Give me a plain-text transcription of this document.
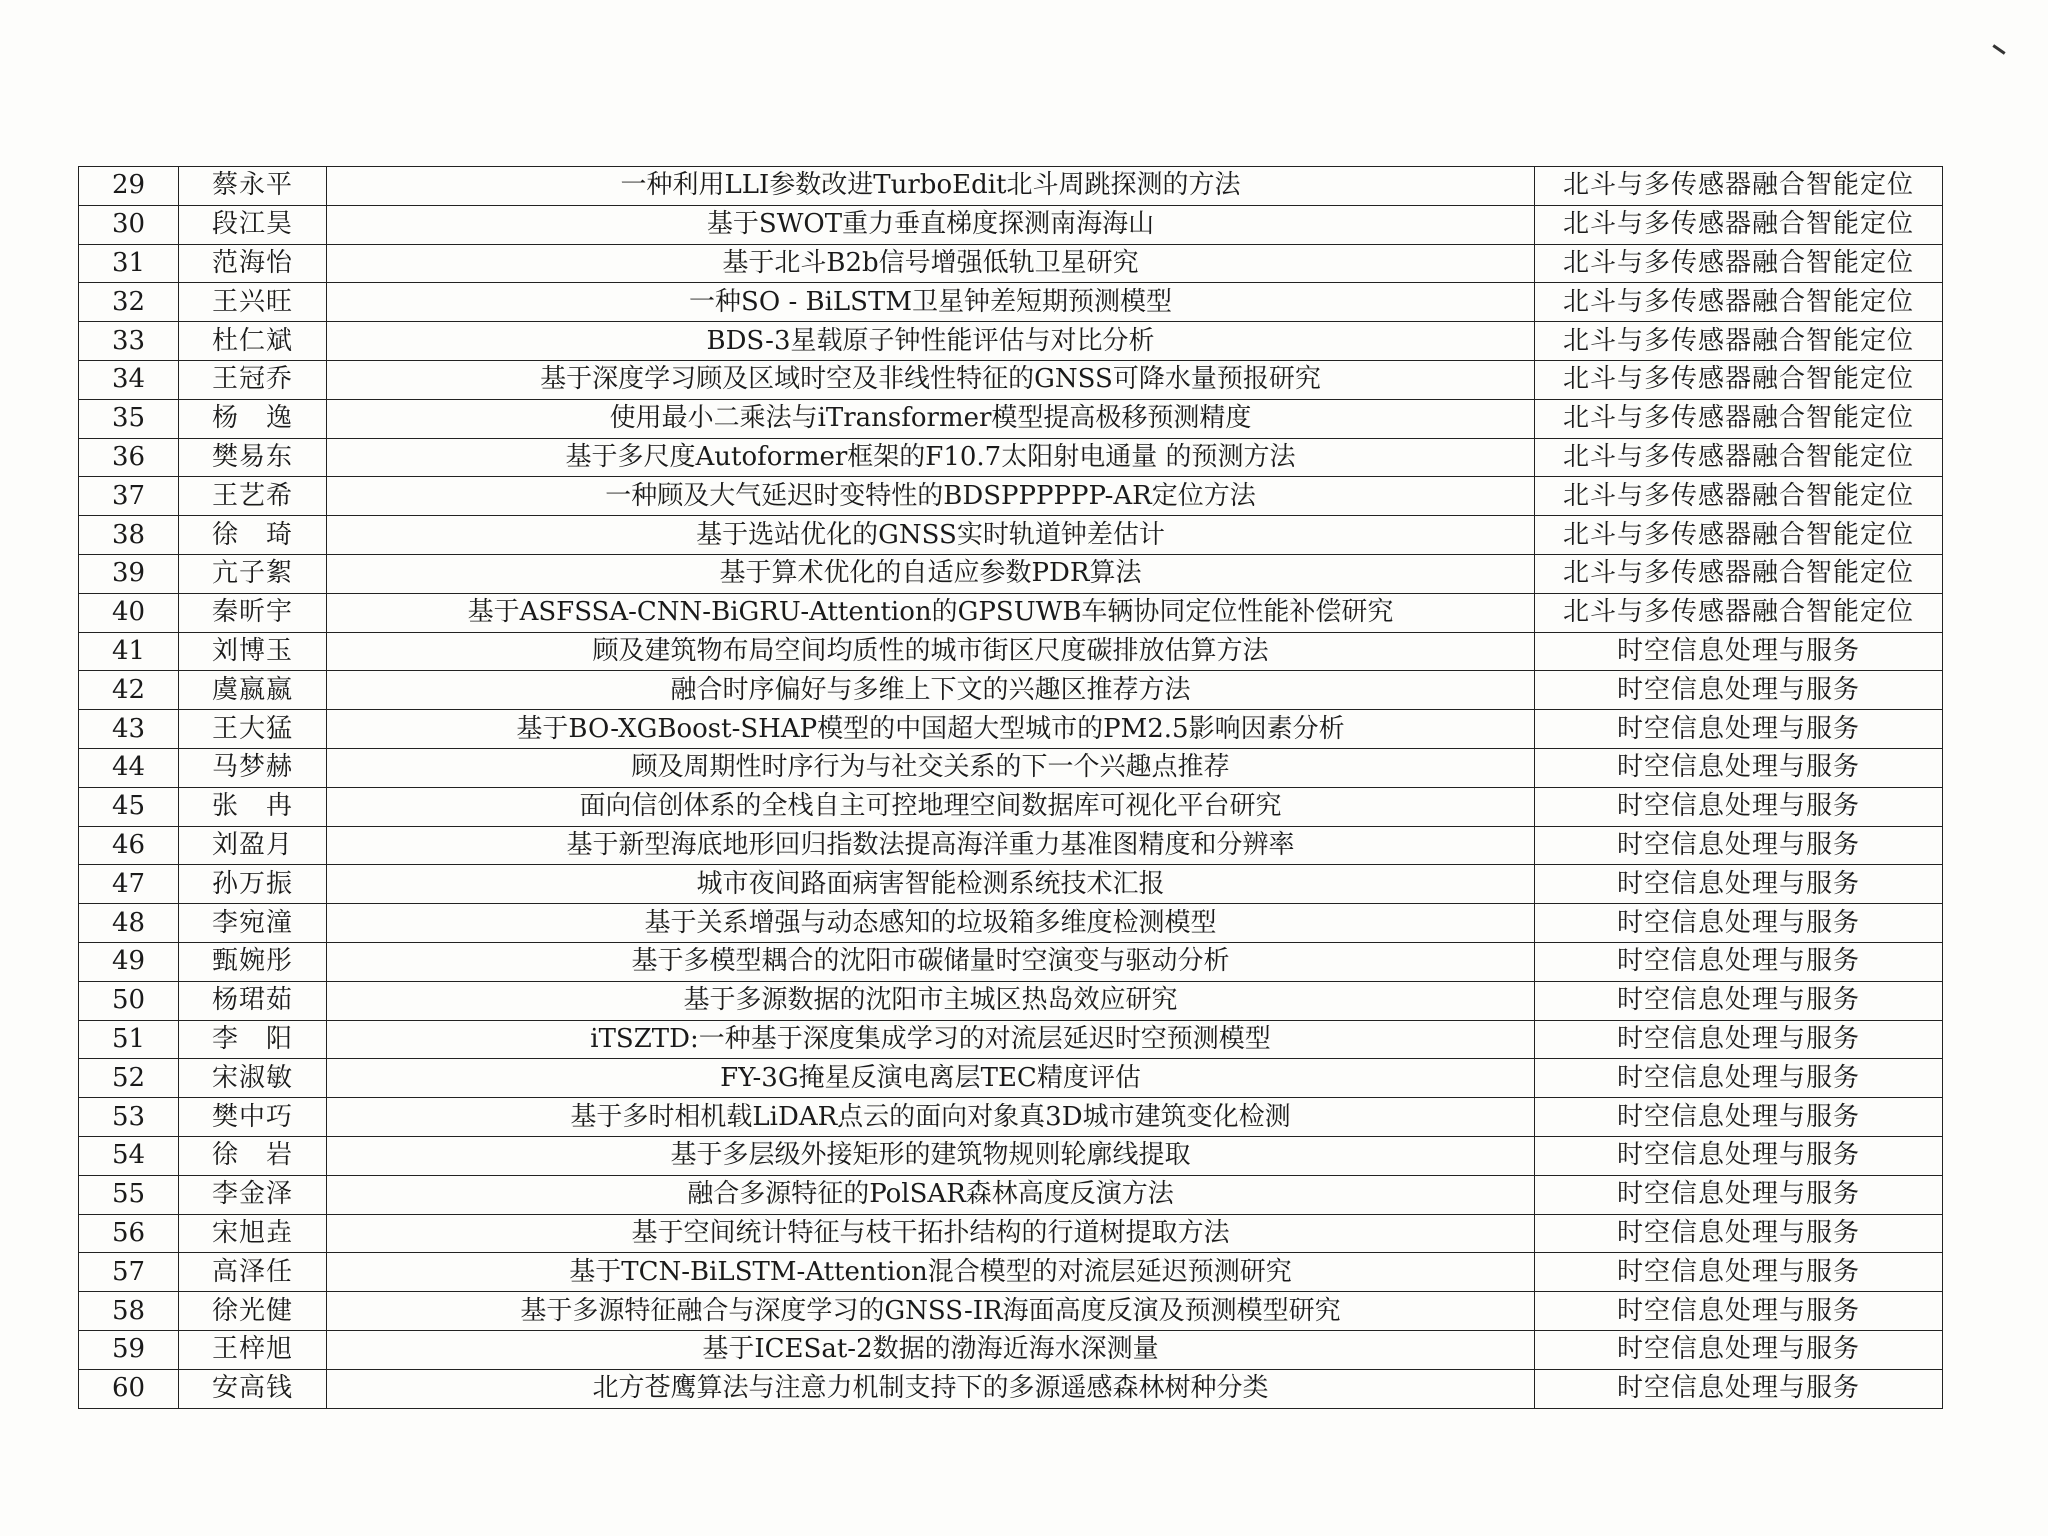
29	蔡永平	一种利用LLI参数改进TurboEdit北斗周跳探测的方法	北斗与多传感器融合智能定位
30	段江昊	基于SWOT重力垂直梯度探测南海海山	北斗与多传感器融合智能定位
31	范海怡	基于北斗B2b信号增强低轨卫星研究	北斗与多传感器融合智能定位
32	王兴旺	一种SO - BiLSTM卫星钟差短期预测模型	北斗与多传感器融合智能定位
33	杜仁斌	BDS-3星载原子钟性能评估与对比分析	北斗与多传感器融合智能定位
34	王冠乔	基于深度学习顾及区域时空及非线性特征的GNSS可降水量预报研究	北斗与多传感器融合智能定位
35	杨　逸	使用最小二乘法与iTransformer模型提高极移预测精度	北斗与多传感器融合智能定位
36	樊易东	基于多尺度Autoformer框架的F10.7太阳射电通量 的预测方法	北斗与多传感器融合智能定位
37	王艺希	一种顾及大气延迟时变特性的BDSPPPPPP-AR定位方法	北斗与多传感器融合智能定位
38	徐　琦	基于选站优化的GNSS实时轨道钟差估计	北斗与多传感器融合智能定位
39	亢子絮	基于算术优化的自适应参数PDR算法	北斗与多传感器融合智能定位
40	秦昕宇	基于ASFSSA-CNN-BiGRU-Attention的GPSUWB车辆协同定位性能补偿研究	北斗与多传感器融合智能定位
41	刘博玉	顾及建筑物布局空间均质性的城市街区尺度碳排放估算方法	时空信息处理与服务
42	虞嬴嬴	融合时序偏好与多维上下文的兴趣区推荐方法	时空信息处理与服务
43	王大猛	基于BO-XGBoost-SHAP模型的中国超大型城市的PM2.5影响因素分析	时空信息处理与服务
44	马梦赫	顾及周期性时序行为与社交关系的下一个兴趣点推荐	时空信息处理与服务
45	张　冉	面向信创体系的全栈自主可控地理空间数据库可视化平台研究	时空信息处理与服务
46	刘盈月	基于新型海底地形回归指数法提高海洋重力基准图精度和分辨率	时空信息处理与服务
47	孙万振	城市夜间路面病害智能检测系统技术汇报	时空信息处理与服务
48	李宛潼	基于关系增强与动态感知的垃圾箱多维度检测模型	时空信息处理与服务
49	甄婉彤	基于多模型耦合的沈阳市碳储量时空演变与驱动分析	时空信息处理与服务
50	杨珺茹	基于多源数据的沈阳市主城区热岛效应研究	时空信息处理与服务
51	李　阳	iTSZTD:一种基于深度集成学习的对流层延迟时空预测模型	时空信息处理与服务
52	宋淑敏	FY-3G掩星反演电离层TEC精度评估	时空信息处理与服务
53	樊中巧	基于多时相机载LiDAR点云的面向对象真3D城市建筑变化检测	时空信息处理与服务
54	徐　岩	基于多层级外接矩形的建筑物规则轮廓线提取	时空信息处理与服务
55	李金泽	融合多源特征的PolSAR森林高度反演方法	时空信息处理与服务
56	宋旭垚	基于空间统计特征与枝干拓扑结构的行道树提取方法	时空信息处理与服务
57	高泽任	基于TCN-BiLSTM-Attention混合模型的对流层延迟预测研究	时空信息处理与服务
58	徐光健	基于多源特征融合与深度学习的GNSS-IR海面高度反演及预测模型研究	时空信息处理与服务
59	王梓旭	基于ICESat-2数据的渤海近海水深测量	时空信息处理与服务
60	安高钱	北方苍鹰算法与注意力机制支持下的多源遥感森林树种分类	时空信息处理与服务
